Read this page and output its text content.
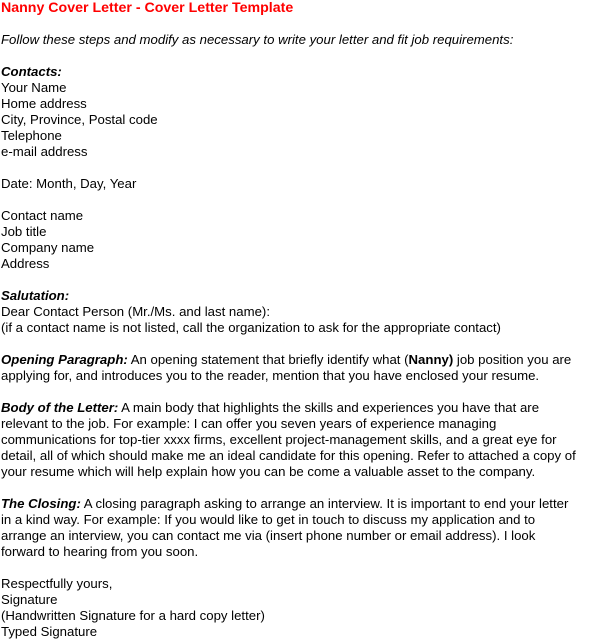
Nanny Cover Letter - Cover Letter Template
Follow these steps and modify as necessary to write your letter and fit job requirements:
Contacts:
Your Name
Home address
City, Province, Postal code
Telephone
e-mail address
Date: Month, Day, Year
Contact name
Job title
Company name
Address
Salutation:
Dear Contact Person (Mr./Ms. and last name):
(if a contact name is not listed, call the organization to ask for the appropriate contact)
Opening Paragraph: An opening statement that briefly identify what (Nanny) job position you are
applying for, and introduces you to the reader, mention that you have enclosed your resume.
Body of the Letter: A main body that highlights the skills and experiences you have that are
relevant to the job. For example: I can offer you seven years of experience managing
communications for top-tier xxxx firms, excellent project-management skills, and a great eye for
detail, all of which should make me an ideal candidate for this opening. Refer to attached a copy of
your resume which will help explain how you can be come a valuable asset to the company.
The Closing: A closing paragraph asking to arrange an interview. It is important to end your letter
in a kind way. For example: If you would like to get in touch to discuss my application and to
arrange an interview, you can contact me via (insert phone number or email address). I look
forward to hearing from you soon.
Respectfully yours,
Signature
(Handwritten Signature for a hard copy letter)
Typed Signature
